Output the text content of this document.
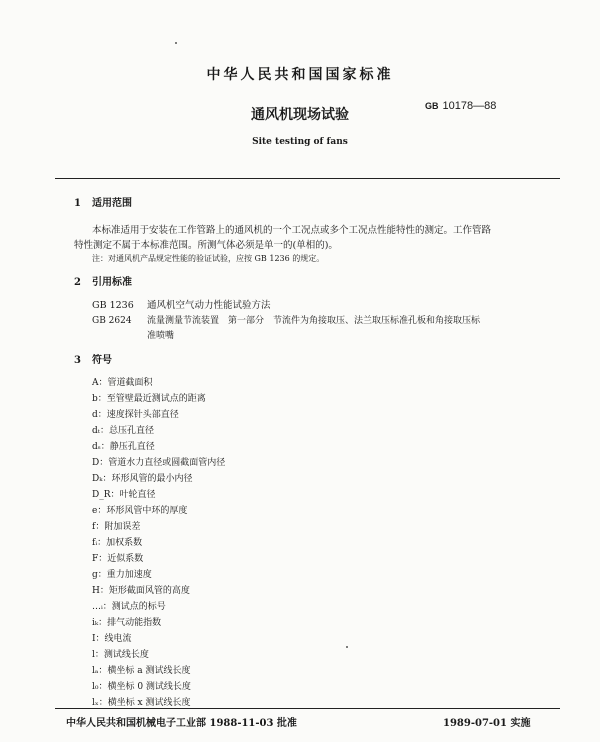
中华人民共和国国家标准
通风机现场试验
GB 10178—88
Site testing of fans
1 适用范围
本标准适用于安装在工作管路上的通风机的一个工况点或多个工况点性能特性的测定。工作管路
特性测定不属于本标准范围。所测气体必须是单一的(单相的)。
注：对通风机产品规定性能的验证试验，应按 GB 1236 的规定。
2 引用标准
GB 1236 通风机空气动力性能试验方法
GB 2624 流量测量节流装置　第一部分　节流件为角接取压、法兰取压标准孔板和角接取压标
准喷嘴
3 符号
A：管道截面积
b：至管壁最近测试点的距离
d：速度探针头部直径
dₜ：总压孔直径
dₛ：静压孔直径
D：管道水力直径或圆截面管内径
Dₖ：环形风管的最小内径
D_R：叶轮直径
e：环形风管中环的厚度
f：附加误差
fᵢ：加权系数
F：近似系数
g：重力加速度
H：矩形截面风管的高度
…ᵢ：测试点的标号
iₖ：排气动能指数
I：线电流
l：测试线长度
lₐ：横坐标 a 测试线长度
l₀：横坐标 0 测试线长度
lₓ：横坐标 x 测试线长度
中华人民共和国机械电子工业部 1988-11-03 批准	1989-07-01 实施
